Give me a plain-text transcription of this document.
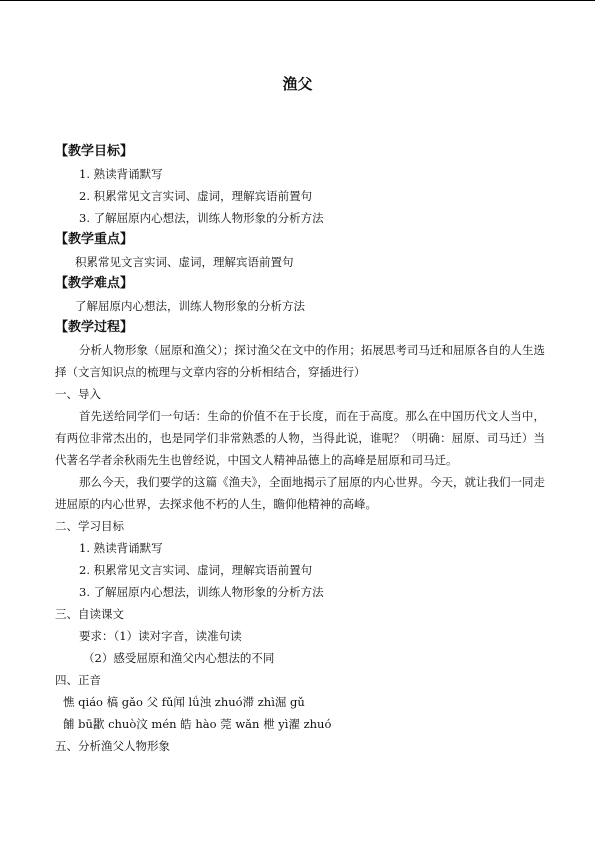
渔父
【教学目标】
1. 熟读背诵默写
2. 积累常见文言实词、虚词，理解宾语前置句
3. 了解屈原内心想法，训练人物形象的分析方法
【教学重点】
积累常见文言实词、虚词，理解宾语前置句
【教学难点】
了解屈原内心想法，训练人物形象的分析方法
【教学过程】
分析人物形象（屈原和渔父）；探讨渔父在文中的作用；拓展思考司马迁和屈原各自的人生选择（文言知识点的梳理与文章内容的分析相结合，穿插进行）
一、导入
首先送给同学们一句话：生命的价值不在于长度，而在于高度。那么在中国历代文人当中，有两位非常杰出的，也是同学们非常熟悉的人物，当得此说，谁呢？（明确：屈原、司马迁）当代著名学者余秋雨先生也曾经说，中国文人精神品德上的高峰是屈原和司马迁。
那么今天，我们要学的这篇《渔夫》，全面地揭示了屈原的内心世界。今天，就让我们一同走进屈原的内心世界，去探求他不朽的人生，瞻仰他精神的高峰。
二、学习目标
1. 熟读背诵默写
2. 积累常见文言实词、虚词，理解宾语前置句
3. 了解屈原内心想法，训练人物形象的分析方法
三、自读课文
要求：（1）读对字音，读准句读
（2）感受屈原和渔父内心想法的不同
四、正音
憔 qiáo 槁 gǎo 父 fǔ闻 lǘ浊 zhuó滞 zhì淈 gǔ
餔 bū歠 chuò汶 mén 皓 hào 莞 wǎn 枻 yì濯 zhuó
五、分析渔父人物形象
